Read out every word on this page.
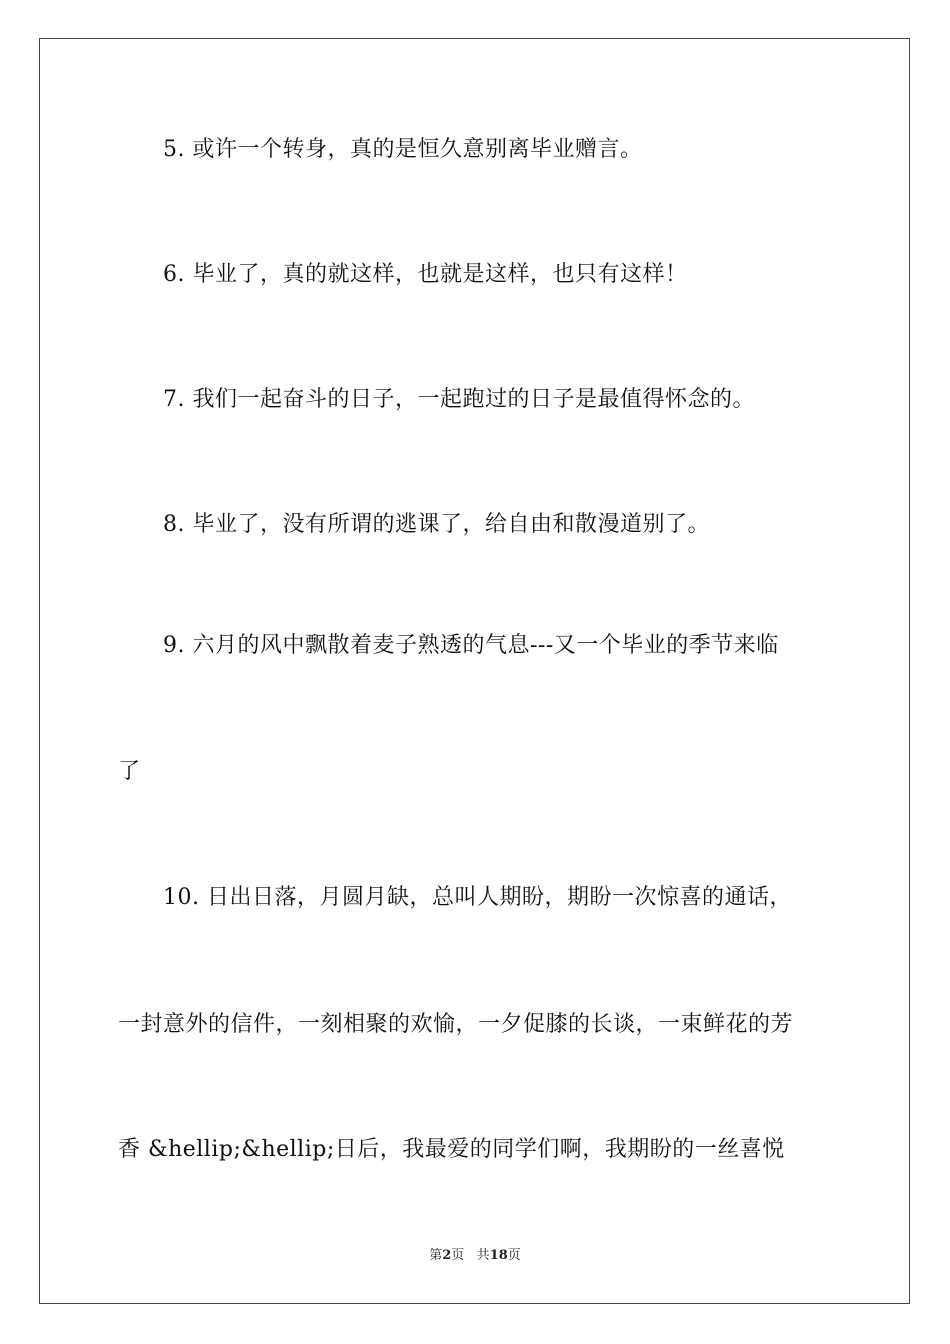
5. 或许一个转身，真的是恒久意别离毕业赠言。
6. 毕业了，真的就这样，也就是这样，也只有这样！
7. 我们一起奋斗的日子，一起跑过的日子是最值得怀念的。
8. 毕业了，没有所谓的逃课了，给自由和散漫道别了。
9. 六月的风中飘散着麦子熟透的气息---又一个毕业的季节来临
了
10. 日出日落，月圆月缺，总叫人期盼，期盼一次惊喜的通话，
一封意外的信件，一刻相聚的欢愉，一夕促膝的长谈，一束鲜花的芳
香 &hellip;&hellip;日后，我最爱的同学们啊，我期盼的一丝喜悦
第2页 共18页
